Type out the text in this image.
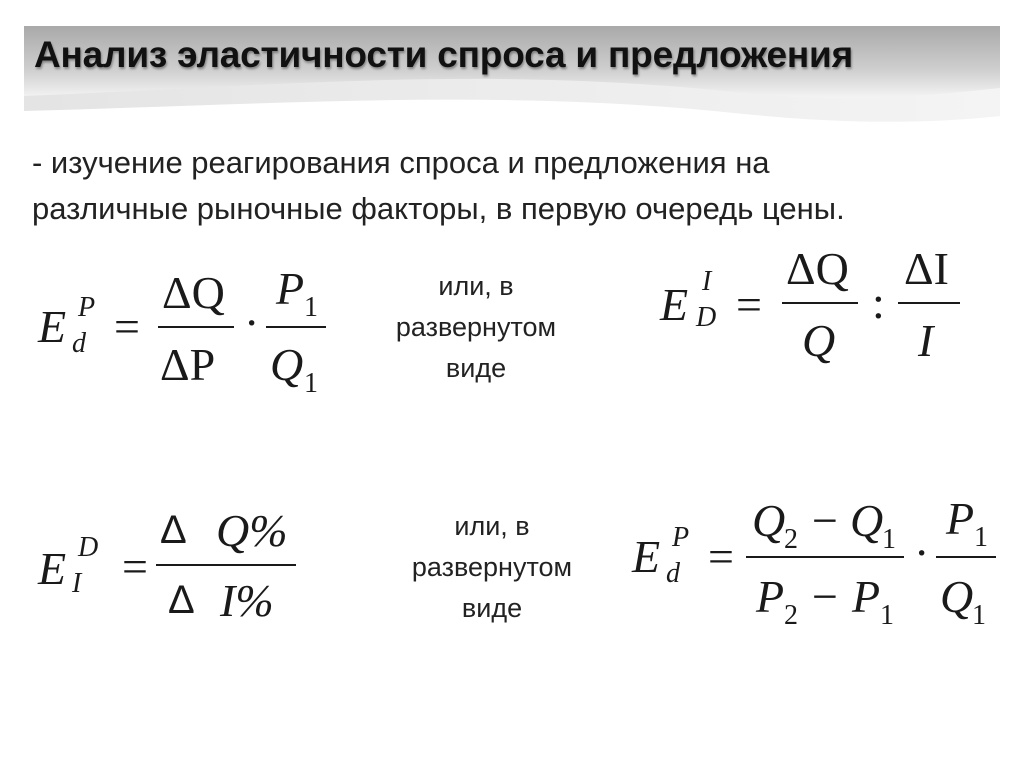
Анализ эластичности спроса и предложения
- изучение реагирования спроса и предложения на
различные рыночные факторы, в первую очередь цены.
E P
d =
ΔQ
ΔP
·
P 1
Q 1
или, в
развернутом
виде
E I
D =
ΔQ
Q
:
ΔI
I
E D
I =
Δ Q%
Δ I%
или, в
развернутом
виде
E P
d =
Q
2 − Q
1
P 2 − P 1
·
P 1
Q
1
